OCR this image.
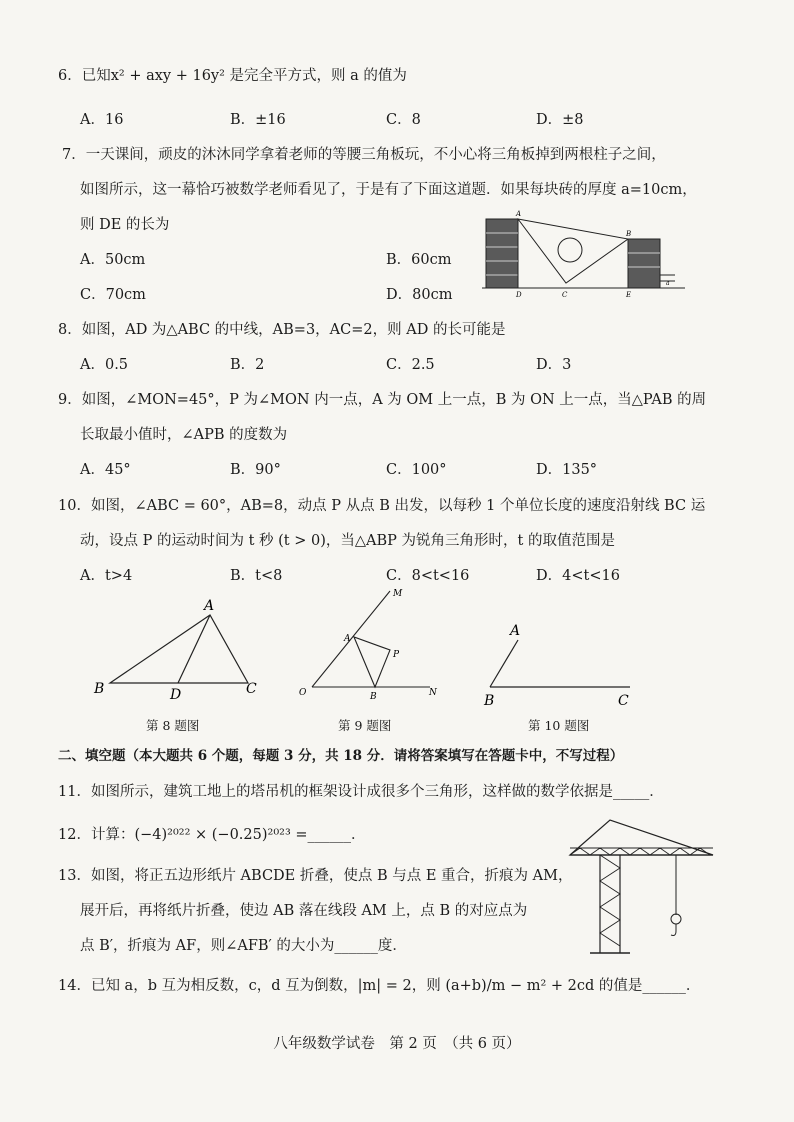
6．已知x² + axy + 16y² 是完全平方式，则 a 的值为
A．16	B．±16	C．8	D．±8
7．一天课间，顽皮的沐沐同学拿着老师的等腰三角板玩，不小心将三角板掉到两根柱子之间，
如图所示，这一幕恰巧被数学老师看见了，于是有了下面这道题．如果每块砖的厚度 a=10cm，
则 DE 的长为
A．50cm	B．60cm
C．70cm	D．80cm
A
B
D	C	E
a
8．如图，AD 为△ABC 的中线，AB=3，AC=2，则 AD 的长可能是
A．0.5	B．2	C．2.5	D．3
9．如图，∠MON=45°，P 为∠MON 内一点，A 为 OM 上一点，B 为 ON 上一点，当△PAB 的周
长取最小值时，∠APB 的度数为
A．45°	B．90°	C．100°	D．135°
10．如图，∠ABC = 60°，AB=8，动点 P 从点 B 出发，以每秒 1 个单位长度的速度沿射线 BC 运
动，设点 P 的运动时间为 t 秒 (t > 0)，当△ABP 为锐角三角形时，t 的取值范围是
A．t>4	B．t<8	C．8<t<16	D．4<t<16
A
B	D	C
第 8 题图
M
A
P
O	B	N
第 9 题图
A
B	C
第 10 题图
二、填空题（本大题共 6 个题，每题 3 分，共 18 分．请将答案填写在答题卡中，不写过程）
11．如图所示，建筑工地上的塔吊机的框架设计成很多个三角形，这样做的数学依据是_____．
12．计算：(−4)²⁰²² × (−0.25)²⁰²³ =______．
13．如图，将正五边形纸片 ABCDE 折叠，使点 B 与点 E 重合，折痕为 AM，
展开后，再将纸片折叠，使边 AB 落在线段 AM 上，点 B 的对应点为
点 B′，折痕为 AF，则∠AFB′ 的大小为______度．
14．已知 a，b 互为相反数，c，d 互为倒数，|m| = 2，则 (a+b)/m − m² + 2cd 的值是______．
八年级数学试卷　第 2 页　（共 6 页）
